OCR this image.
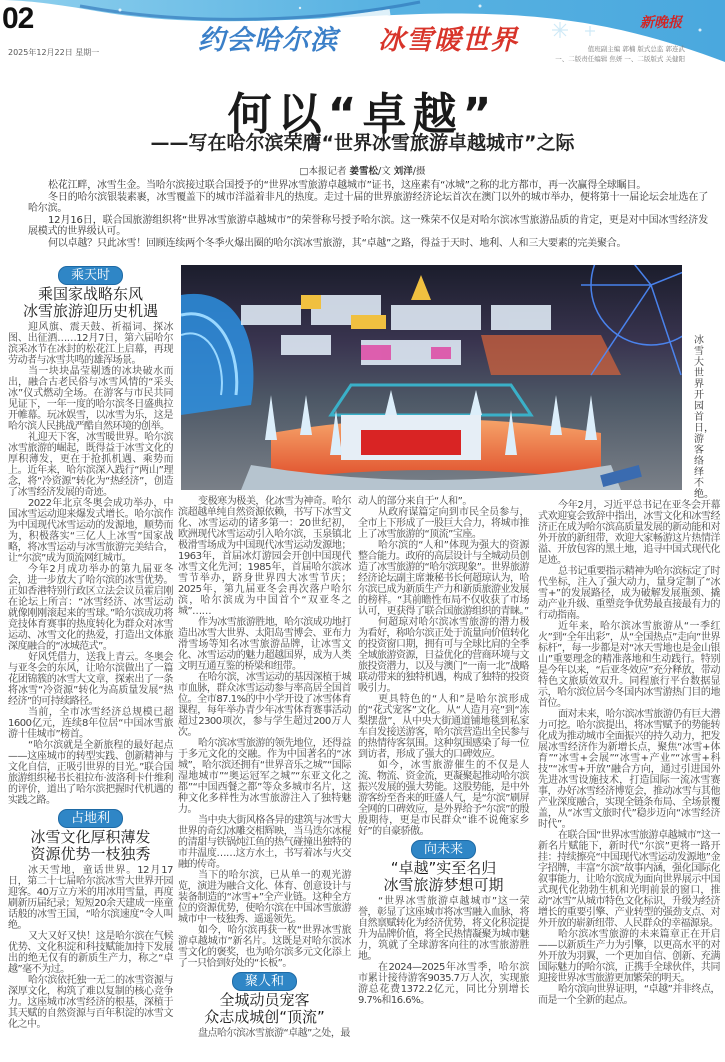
02
2025年12月22日 星期一	约会哈尔滨 冰雪暖世界
新晚报
值班副主编 郭楠 版式总监 郭连武
一、二版责任编辑 焦妍 一、二版版式 关健阳
何以“卓越”
——写在哈尔滨荣膺“世界冰雪旅游卓越城市”之际
□本报记者 姜雪松/文 刘洋/摄

松花江畔，冰雪生金。当哈尔滨接过联合国授予的“世界冰雪旅游卓越城市”证书，这座素有“冰城”之称的北方都市，再一次赢得全球瞩目。

冬日的哈尔滨银装素裹，冰雪覆盖下的城市洋溢着非凡的热度。走过十届的世界旅游经济论坛首次在澳门以外的城市举办，便将第十一届论坛会址选在了哈尔滨。

12月16日，联合国旅游组织将“世界冰雪旅游卓越城市”的荣誉称号授予哈尔滨。这一殊荣不仅是对哈尔滨冰雪旅游品质的肯定，更是对中国冰雪经济发展模式的世界级认可。

何以卓越？只此冰雪！回顾连续两个冬季火爆出圈的哈尔滨冰雪旅游，其“卓越”之路，得益于天时、地利、人和三大要素的完美聚合。

冰雪大世界开园首日，游客络绎不绝。
乘天时
乘国家战略东风
冰雪旅游迎历史机遇

迎风旗、震天鼓、祈福词、探冰图、出征酒……12月7日，第六届哈尔滨采冰节在冰封的松花江上启幕，再现劳动者与冰雪共鸣的雄浑场景。

当一块块晶莹剔透的冰块破水而出，融合古老民俗与冰雪风情的“采头冰”仪式燃动全场。在游客与市民共同见证下，一年一度的哈尔滨冬日盛典拉开帷幕。玩冰娱雪，以冰雪为乐，这是哈尔滨人民挑战严酷自然环境的创举。

礼迎天下客，冰雪暖世界。哈尔滨冰雪旅游的崛起，既得益于冰雪文化的厚积薄发，更在于抢抓机遇、乘势而上。近年来，哈尔滨深入践行“两山”理念，将“冷资源”转化为“热经济”，创造了冰雪经济发展的奇迹。

2022年北京冬奥会成功举办，中国冰雪运动迎来爆发式增长。哈尔滨作为中国现代冰雪运动的发源地，顺势而为，积极落实“三亿人上冰雪”国家战略，将冰雪运动与冰雪旅游完美结合，让“尔滨”成为顶流网红城市。

今年2月成功举办的第九届亚冬会，进一步放大了哈尔滨的冰雪优势。正如香港特别行政区立法会议员霍启刚在论坛上所言：“冰雪经济、冰雪运动就像刚刚滚起来的雪球。”哈尔滨成功将竞技体育赛事的热度转化为群众对冰雪运动、冰雪文化的热爱，打造出文体旅深度融合的“冰城范式”。

好风凭借力，送我上青云。冬奥会与亚冬会的东风，让哈尔滨做出了一篇花团锦簇的冰雪大文章，探索出了一条将冰雪“冷资源”转化为高质量发展“热经济”的可持续路径。

当前，全市冰雪经济总规模已超1600亿元，连续8年位居“中国冰雪旅游十佳城市”榜首。

“哈尔滨就是全新旅程的最好起点——这座城市的转型实践、创新精神与文化自信，正吸引世界的目光。”联合国旅游组织秘书长祖拉布·波洛利卡什维利的评价，道出了哈尔滨把握时代机遇的实践之路。

占地利
冰雪文化厚积薄发
资源优势一枝独秀

冰天雪地，童话世界。12月17日，第二十七届哈尔滨冰雪大世界开园迎客。40万立方米的用冰用雪量，再度刷新历届纪录；短短20余天建成一座童话般的冰雪王国，“哈尔滨速度”令人叫绝。

又大又好又快！这是哈尔滨在气候优势、文化积淀和科技赋能加持下发展出的绝无仅有的新质生产力，称之“卓越”毫不为过。

哈尔滨依托独一无二的冰雪资源与深厚文化，构筑了难以复制的核心竞争力。这座城市冰雪经济的根基，深植于其天赋的自然资源与百年积淀的冰雪文化之中。

变极寒为极美，化冰雪为神奇。哈尔滨超越单纯自然资源依赖，书写下冰雪文化、冰雪运动的诸多第一：20世纪初，欧洲现代冰雪运动引入哈尔滨，玉泉镇北极滑雪场成为中国现代冰雪运动发源地；1963年，首届冰灯游园会开创中国现代冰雪文化先河；1985年，首届哈尔滨冰雪节举办，跻身世界四大冰雪节庆；2025年，第九届亚冬会再次落户哈尔滨，哈尔滨成为中国首个“双亚冬之城”……

作为冰雪旅游胜地，哈尔滨成功地打造出冰雪大世界、太阳岛雪博会、亚布力滑雪场等知名冰雪旅游品牌，让冰雪文化、冰雪运动的魅力超越国界，成为人类文明互通互鉴的桥梁和纽带。

在哈尔滨，冰雪运动的基因深植于城市血脉，群众冰雪运动参与率高居全国首位。全市87.1%的中小学开设了冰雪体育课程，每年举办青少年冰雪体育赛事活动超过2300项次，参与学生超过200万人次。

哈尔滨冰雪旅游的领先地位，还得益于多元文化的交融。作为中国著名的“冰城”，哈尔滨还拥有“世界音乐之城”“国际湿地城市”“奥运冠军之城”“东亚文化之都”“中国西餐之都”等众多城市名片，这种文化多样性为冰雪旅游注入了独特魅力。

当中央大街风格各异的建筑与冰雪大世界的奇幻冰雕交相辉映，当马迭尔冰棍的清甜与铁锅炖江鱼的热气碰撞出独特的市井温度……这方水土，书写着冰与火交融的传奇。

当下的哈尔滨，已从单一的观光游览，演进为融合文化、体育、创意设计与装备制造的“冰雪+”全产业链。这种全方位的资源优势，使哈尔滨在中国冰雪旅游城市中一枝独秀、遥遥领先。

如今，哈尔滨再获一枚“世界冰雪旅游卓越城市”新名片。这既是对哈尔滨冰雪文化的褒奖，也为哈尔滨多元文化添上了一只恰到好处的“长板”。

聚人和
全城动员宠客
众志成城创“顶流”

盘点哈尔滨冰雪旅游“卓越”之处，最

动人的部分来自于“人和”。

从政府谋篇定向到市民全员参与，全市上下形成了一股巨大合力，将城市推上了冰雪旅游的“顶流”宝座。

哈尔滨的“人和”体现为强大的资源整合能力。政府的高层设计与全城动员创造了冰雪旅游的“哈尔滨现象”。世界旅游经济论坛副主席兼秘书长何超琼认为，哈尔滨已成为新质生产力和新质旅游业发展的榜样。“其前瞻性布局不仅收获了市场认可，更获得了联合国旅游组织的青睐。”

何超琼对哈尔滨冰雪旅游的潜力极为看好，称哈尔滨正处于流量向价值转化的投资窗口期，拥有可与全球比肩的全季全域旅游资源，日益优化的营商环境与文旅投资潜力，以及与澳门“一南一北”战略联动带来的独特机遇，构成了独特的投资吸引力。

更具特色的“人和”是哈尔滨形成的“花式宠客”文化。从“人造月亮”到“冻梨摆盘”，从中央大街通道铺地毯到私家车自发接送游客，哈尔滨营造出全民参与的热情待客氛围。这种氛围感染了每一位到访者，形成了强大的口碑效应。

如今，冰雪旅游催生的不仅是人流、物流、资金流，更凝聚起推动哈尔滨振兴发展的强大势能。这股势能，是中外游客纷至沓来的旺盛人气，是“尔滨”刷屏全网的口碑效应，是外界给予“尔滨”的殷殷期待，更是市民群众“谁不说俺家乡好”的自豪骄傲。

向未来
“卓越”实至名归
冰雪旅游梦想可期

“世界冰雪旅游卓越城市”这一荣誉，彰显了这座城市将冰雪融入血脉，将自然禀赋转化为经济优势，将文化积淀提升为品牌价值，将全民热情凝聚为城市魅力，筑就了全球游客向往的冰雪旅游胜地。

在2024—2025年冰雪季，哈尔滨市累计接待游客9035.7万人次，实现旅游总花费1372.2亿元，同比分别增长9.7%和16.6%。

今年2月，习近平总书记在亚冬会开幕式欢迎宴会致辞中指出，冰雪文化和冰雪经济正在成为哈尔滨高质量发展的新动能和对外开放的新纽带，欢迎大家畅游这片热情洋溢、开放包容的黑土地，追寻中国式现代化足迹。

总书记重要指示精神为哈尔滨标定了时代坐标，注入了强大动力，量身定制了“冰雪+”的发展路径，成为破解发展瓶颈、撬动产业升级、重塑竞争优势最直接最有力的行动指南。

近年来，哈尔滨冰雪旅游从“一季红火”到“全年出彩”，从“全国热点”走向“世界标杆”，每一步都是对“冰天雪地也是金山银山”重要理念的精准落地和生动践行。特别是今年以来，“后亚冬效应”充分释放，带动特色文旅质效双升。同程旅行平台数据显示，哈尔滨位居今冬国内冰雪游热门目的地首位。

面对未来，哈尔滨冰雪旅游仍有巨大潜力可挖。哈尔滨提出，将冰雪赋予的势能转化成为推动城市全面振兴的持久动力，把发展冰雪经济作为新增长点，聚焦“冰雪+体育”“冰雪+会展”“冰雪+产业”“冰雪+科技”“冰雪+开放”融合方向，通过引进国外先进冰雪设施技术，打造国际一流冰雪赛事，办好冰雪经济博览会，推动冰雪与其他产业深度融合，实现全链条布局、全场景覆盖，从“冰雪文旅时代”稳步迈向“冰雪经济时代”。

在联合国“世界冰雪旅游卓越城市”这一新名片赋能下，新时代“尔滨”更将一路开挂：持续擦亮“中国现代冰雪运动发源地”金字招牌，丰富“尔滨”故事内涵，强化国际化叙事能力，让哈尔滨成为面向世界展示中国式现代化勃勃生机和光明前景的窗口，推动“冰雪”从城市特色文化标识，升级为经济增长的重要引擎、产业转型的强劲支点、对外开放的崭新纽带、人民群众的幸福源泉。

哈尔滨冰雪旅游的未来篇章正在开启——以新质生产力为引擎，以更高水平的对外开放为羽翼，一个更加自信、创新、充满国际魅力的哈尔滨，正携手全球伙伴，共同迎接世界冰雪旅游更加繁荣的明天。

哈尔滨向世界证明，“卓越”并非终点，而是一个全新的起点。
